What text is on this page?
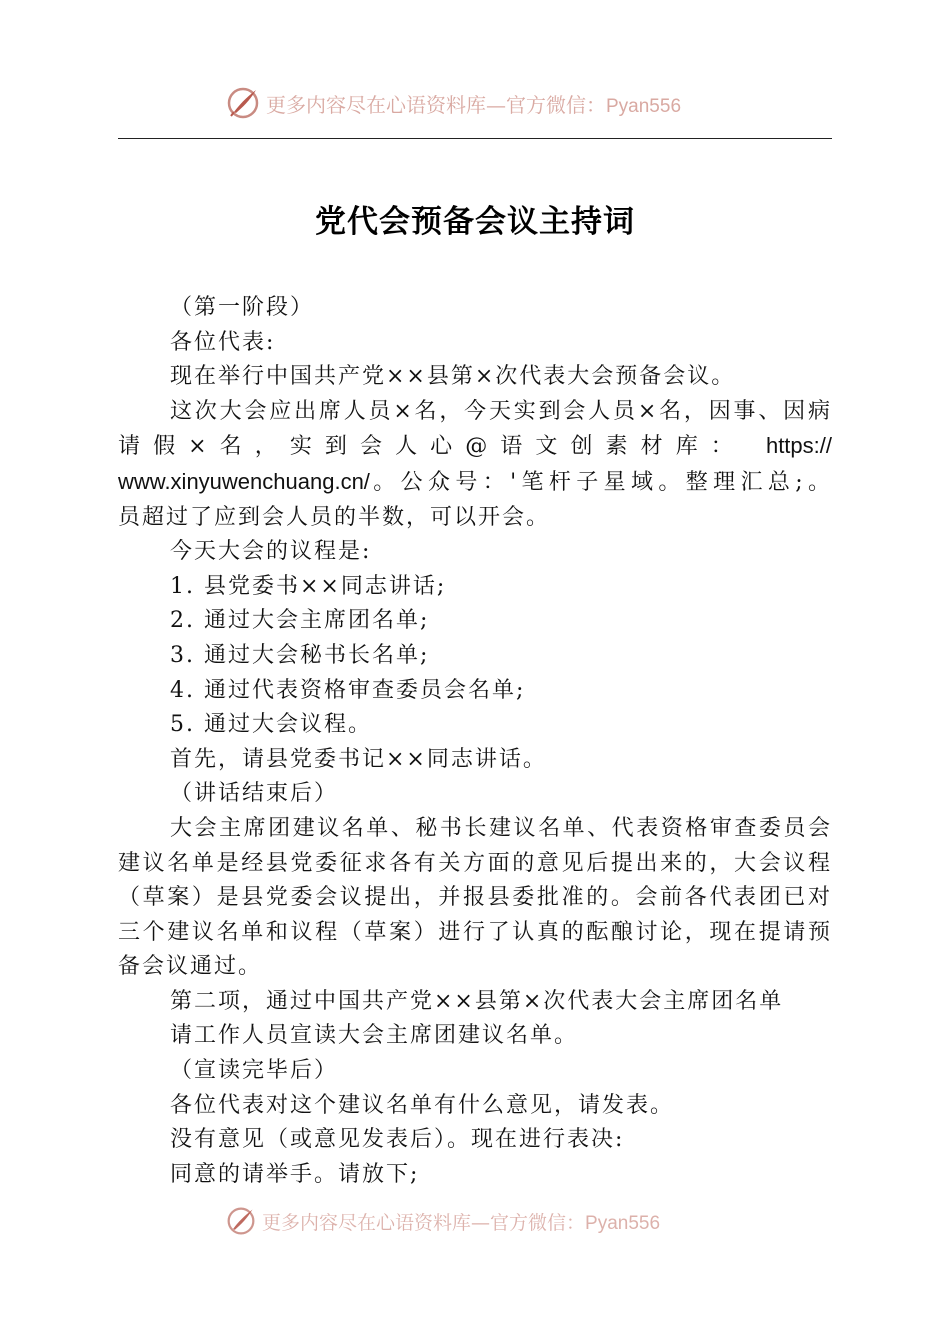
更多内容尽在心语资料库—官方微信：Pyan556
党代会预备会议主持词

（第一阶段）

各位代表:

现在举行中国共产党××县第×次代表大会预备会议。

这次大会应出席人员×名，今天实到会人员×名，因事、因病请假×名，实到会人心@语文创素材库： https:// www.xinyuwenchuang.cn/。公众号：'笔杆子星域。整理汇总;。

员超过了应到会人员的半数，可以开会。

今天大会的议程是:

1. 县党委书××同志讲话;

2. 通过大会主席团名单;

3. 通过大会秘书长名单;

4. 通过代表资格审查委员会名单;

5. 通过大会议程。

首先，请县党委书记××同志讲话。

（讲话结束后）

大会主席团建议名单、秘书长建议名单、代表资格审查委员会建议名单是经县党委征求各有关方面的意见后提出来的，大会议程（草案）是县党委会议提出，并报县委批准的。会前各代表团已对三个建议名单和议程（草案）进行了认真的酝酿讨论，现在提请预备会议通过。

第二项，通过中国共产党××县第×次代表大会主席团名单

请工作人员宣读大会主席团建议名单。

（宣读完毕后）

各位代表对这个建议名单有什么意见，请发表。

没有意见（或意见发表后）。现在进行表决:

同意的请举手。请放下;

更多内容尽在心语资料库—官方微信：Pyan556
